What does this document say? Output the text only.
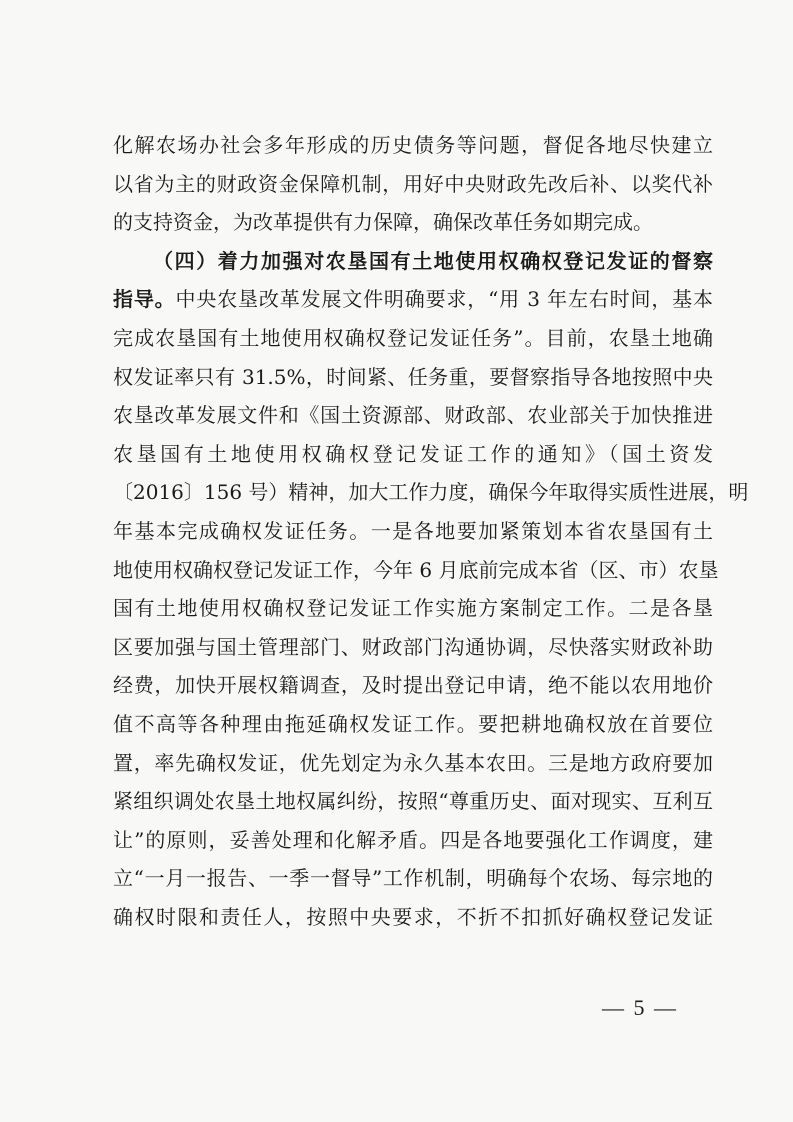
化解农场办社会多年形成的历史债务等问题，督促各地尽快建立
以省为主的财政资金保障机制，用好中央财政先改后补、以奖代补
的支持资金，为改革提供有力保障，确保改革任务如期完成。
（四）着力加强对农垦国有土地使用权确权登记发证的督察
指导。中央农垦改革发展文件明确要求，“用 3 年左右时间，基本
完成农垦国有土地使用权确权登记发证任务”。目前，农垦土地确
权发证率只有 31.5%，时间紧、任务重，要督察指导各地按照中央
农垦改革发展文件和《国土资源部、财政部、农业部关于加快推进
农垦国有土地使用权确权登记发证工作的通知》（国土资发
〔2016〕156 号）精神，加大工作力度，确保今年取得实质性进展，明
年基本完成确权发证任务。一是各地要加紧策划本省农垦国有土
地使用权确权登记发证工作，今年 6 月底前完成本省（区、市）农垦
国有土地使用权确权登记发证工作实施方案制定工作。二是各垦
区要加强与国土管理部门、财政部门沟通协调，尽快落实财政补助
经费，加快开展权籍调查，及时提出登记申请，绝不能以农用地价
值不高等各种理由拖延确权发证工作。要把耕地确权放在首要位
置，率先确权发证，优先划定为永久基本农田。三是地方政府要加
紧组织调处农垦土地权属纠纷，按照“尊重历史、面对现实、互利互
让”的原则，妥善处理和化解矛盾。四是各地要强化工作调度，建
立“一月一报告、一季一督导”工作机制，明确每个农场、每宗地的
确权时限和责任人，按照中央要求，不折不扣抓好确权登记发证
— 5 —
